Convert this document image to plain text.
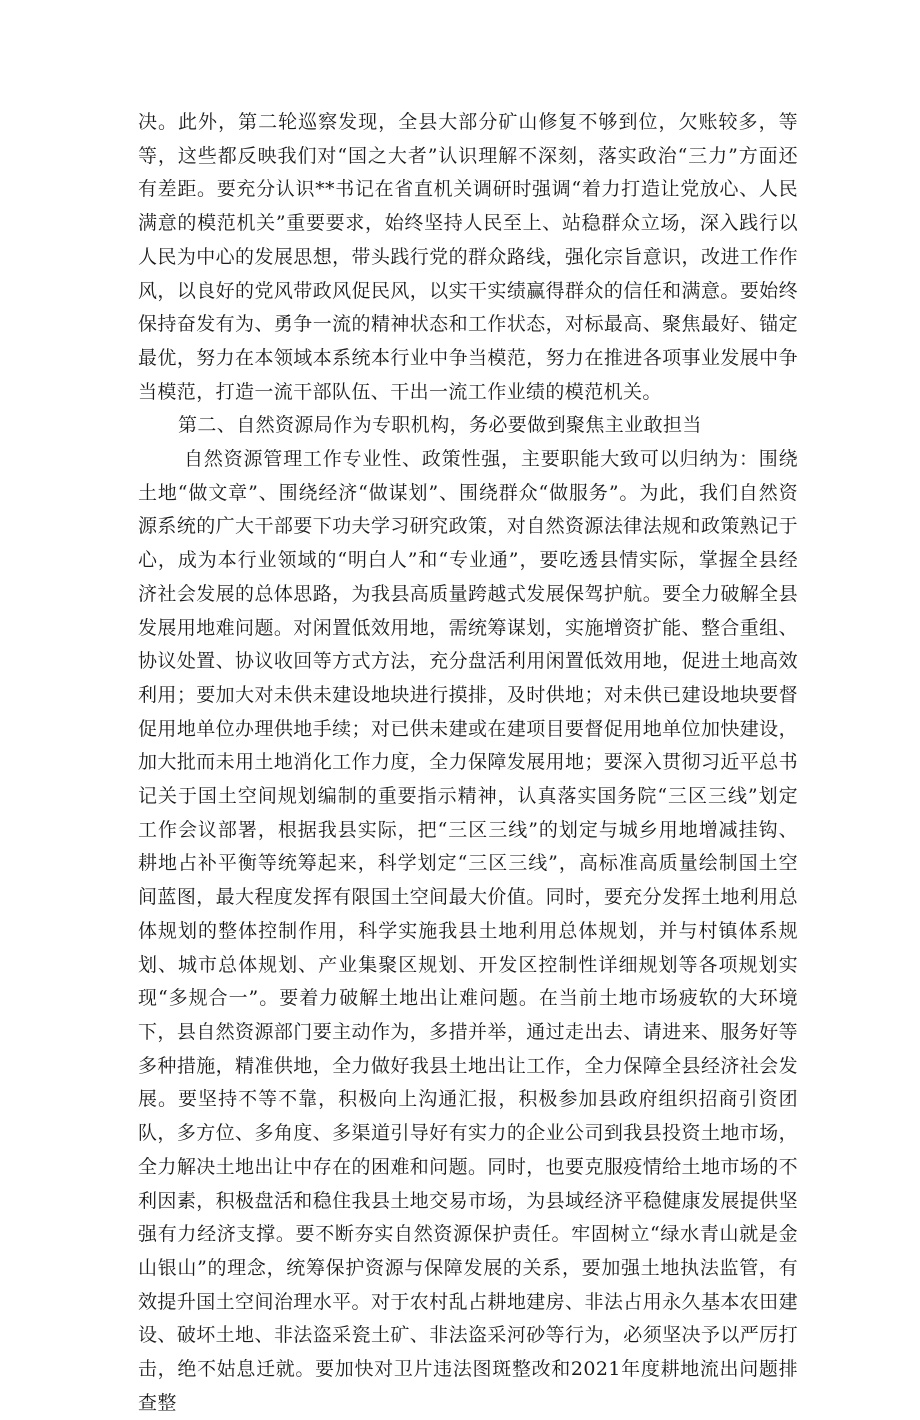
决。此外，第二轮巡察发现，全县大部分矿山修复不够到位，欠账较多，等等，这些都反映我们对“国之大者”认识理解不深刻，落实政治“三力”方面还有差距。要充分认识**书记在省直机关调研时强调“着力打造让党放心、人民满意的模范机关”重要要求，始终坚持人民至上、站稳群众立场，深入践行以人民为中心的发展思想，带头践行党的群众路线，强化宗旨意识，改进工作作风，以良好的党风带政风促民风，以实干实绩赢得群众的信任和满意。要始终保持奋发有为、勇争一流的精神状态和工作状态，对标最高、聚焦最好、锚定最优，努力在本领域本系统本行业中争当模范，努力在推进各项事业发展中争当模范，打造一流干部队伍、干出一流工作业绩的模范机关。

第二、自然资源局作为专职机构，务必要做到聚焦主业敢担当

自然资源管理工作专业性、政策性强，主要职能大致可以归纳为：围绕土地“做文章”、围绕经济“做谋划”、围绕群众“做服务”。为此，我们自然资源系统的广大干部要下功夫学习研究政策，对自然资源法律法规和政策熟记于心，成为本行业领域的“明白人”和“专业通”，要吃透县情实际，掌握全县经济社会发展的总体思路，为我县高质量跨越式发展保驾护航。要全力破解全县发展用地难问题。对闲置低效用地，需统筹谋划，实施增资扩能、整合重组、协议处置、协议收回等方式方法，充分盘活利用闲置低效用地，促进土地高效利用；要加大对未供未建设地块进行摸排，及时供地；对未供已建设地块要督促用地单位办理供地手续；对已供未建或在建项目要督促用地单位加快建设，加大批而未用土地消化工作力度，全力保障发展用地；要深入贯彻习近平总书记关于国土空间规划编制的重要指示精神，认真落实国务院“三区三线”划定工作会议部署，根据我县实际，把“三区三线”的划定与城乡用地增减挂钩、耕地占补平衡等统筹起来，科学划定“三区三线”，高标准高质量绘制国土空间蓝图，最大程度发挥有限国土空间最大价值。同时，要充分发挥土地利用总体规划的整体控制作用，科学实施我县土地利用总体规划，并与村镇体系规划、城市总体规划、产业集聚区规划、开发区控制性详细规划等各项规划实现“多规合一”。要着力破解土地出让难问题。在当前土地市场疲软的大环境下，县自然资源部门要主动作为，多措并举，通过走出去、请进来、服务好等多种措施，精准供地，全力做好我县土地出让工作，全力保障全县经济社会发展。要坚持不等不靠，积极向上沟通汇报，积极参加县政府组织招商引资团队，多方位、多角度、多渠道引导好有实力的企业公司到我县投资土地市场，全力解决土地出让中存在的困难和问题。同时，也要克服疫情给土地市场的不利因素，积极盘活和稳住我县土地交易市场，为县域经济平稳健康发展提供坚强有力经济支撑。要不断夯实自然资源保护责任。牢固树立“绿水青山就是金山银山”的理念，统筹保护资源与保障发展的关系，要加强土地执法监管，有效提升国土空间治理水平。对于农村乱占耕地建房、非法占用永久基本农田建设、破坏土地、非法盗采瓷土矿、非法盗采河砂等行为，必须坚决予以严厉打击，绝不姑息迁就。要加快对卫片违法图斑整改和2021年度耕地流出问题排查整
